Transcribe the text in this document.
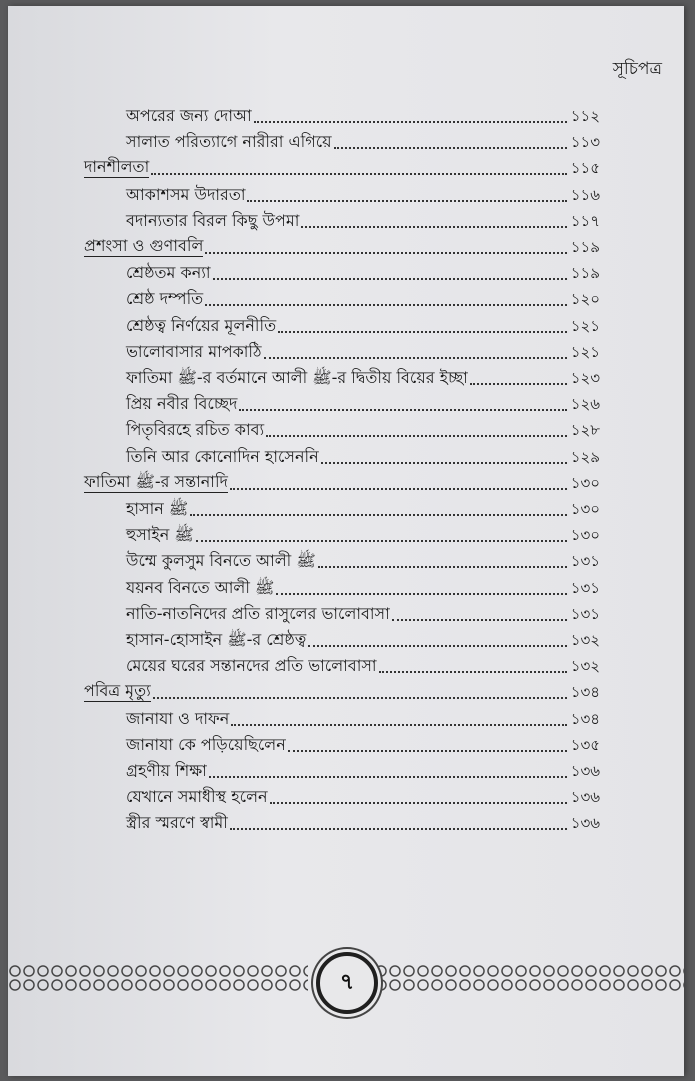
সূচিপত্র
অপরের জন্য দোআ	১১২
সালাত পরিত্যাগে নারীরা এগিয়ে	১১৩
দানশীলতা	১১৫
আকাশসম উদারতা	১১৬
বদান্যতার বিরল কিছু উপমা	১১৭
প্রশংসা ও গুণাবলি	১১৯
শ্রেষ্ঠতম কন্যা	১১৯
শ্রেষ্ঠ দম্পতি	১২০
শ্রেষ্ঠত্ব নির্ণয়ের মূলনীতি	১২১
ভালোবাসার মাপকাঠি	১২১
ফাতিমা ﷺ-র বর্তমানে আলী ﷺ-র দ্বিতীয় বিয়ের ইচ্ছা	১২৩
প্রিয় নবীর বিচ্ছেদ	১২৬
পিতৃবিরহে রচিত কাব্য	১২৮
তিনি আর কোনোদিন হাসেননি	১২৯
ফাতিমা ﷺ-র সন্তানাদি	১৩০
হাসান ﷺ	১৩০
হুসাইন ﷺ	১৩০
উম্মে কুলসুম বিনতে আলী ﷺ	১৩১
যয়নব বিনতে আলী ﷺ	১৩১
নাতি-নাতনিদের প্রতি রাসুলের ভালোবাসা	১৩১
হাসান-হোসাইন ﷺ-র শ্রেষ্ঠত্ব	১৩২
মেয়ের ঘরের সন্তানদের প্রতি ভালোবাসা	১৩২
পবিত্র মৃত্যু	১৩৪
জানাযা ও দাফন	১৩৪
জানাযা কে পড়িয়েছিলেন	১৩৫
গ্রহণীয় শিক্ষা	১৩৬
যেখানে সমাধীস্থ হলেন	১৩৬
স্ত্রীর স্মরণে স্বামী	১৩৬
৭
